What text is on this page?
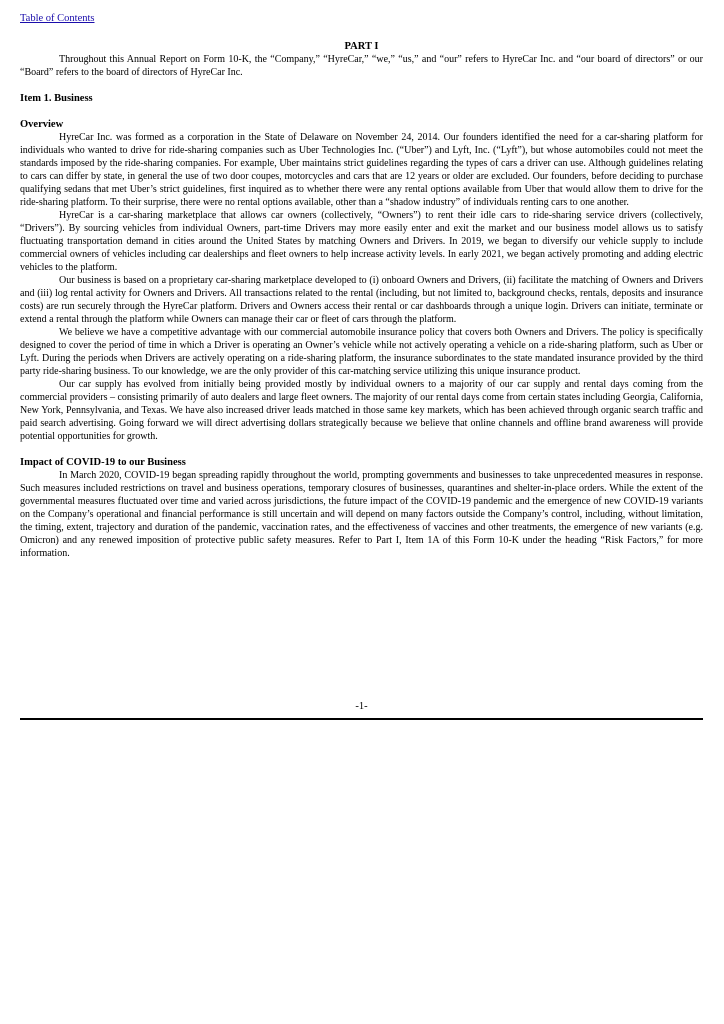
Table of Contents
PART I

Throughout this Annual Report on Form 10-K, the “Company,” “HyreCar,” “we,” “us,” and “our” refers to HyreCar Inc. and “our board of directors” or our “Board” refers to the board of directors of HyreCar Inc.

Item 1. Business
Overview

HyreCar Inc. was formed as a corporation in the State of Delaware on November 24, 2014. Our founders identified the need for a car-sharing platform for individuals who wanted to drive for ride-sharing companies such as Uber Technologies Inc. (“Uber”) and Lyft, Inc. (“Lyft”), but whose automobiles could not meet the standards imposed by the ride-sharing companies. For example, Uber maintains strict guidelines regarding the types of cars a driver can use. Although guidelines relating to cars can differ by state, in general the use of two door coupes, motorcycles and cars that are 12 years or older are excluded. Our founders, before deciding to purchase qualifying sedans that met Uber’s strict guidelines, first inquired as to whether there were any rental options available from Uber that would allow them to drive for the ride-sharing platform. To their surprise, there were no rental options available, other than a “shadow industry” of individuals renting cars to one another.

HyreCar is a car-sharing marketplace that allows car owners (collectively, “Owners”) to rent their idle cars to ride-sharing service drivers (collectively, “Drivers”). By sourcing vehicles from individual Owners, part-time Drivers may more easily enter and exit the market and our business model allows us to satisfy fluctuating transportation demand in cities around the United States by matching Owners and Drivers. In 2019, we began to diversify our vehicle supply to include commercial owners of vehicles including car dealerships and fleet owners to help increase activity levels. In early 2021, we began actively promoting and adding electric vehicles to the platform.

Our business is based on a proprietary car-sharing marketplace developed to (i) onboard Owners and Drivers, (ii) facilitate the matching of Owners and Drivers and (iii) log rental activity for Owners and Drivers. All transactions related to the rental (including, but not limited to, background checks, rentals, deposits and insurance costs) are run securely through the HyreCar platform. Drivers and Owners access their rental or car dashboards through a unique login. Drivers can initiate, terminate or extend a rental through the platform while Owners can manage their car or fleet of cars through the platform.

We believe we have a competitive advantage with our commercial automobile insurance policy that covers both Owners and Drivers. The policy is specifically designed to cover the period of time in which a Driver is operating an Owner’s vehicle while not actively operating a vehicle on a ride-sharing platform, such as Uber or Lyft. During the periods when Drivers are actively operating on a ride-sharing platform, the insurance subordinates to the state mandated insurance provided by the third party ride-sharing business. To our knowledge, we are the only provider of this car-matching service utilizing this unique insurance product.

Our car supply has evolved from initially being provided mostly by individual owners to a majority of our car supply and rental days coming from the commercial providers – consisting primarily of auto dealers and large fleet owners. The majority of our rental days come from certain states including Georgia, California, New York, Pennsylvania, and Texas. We have also increased driver leads matched in those same key markets, which has been achieved through organic search traffic and paid search advertising. Going forward we will direct advertising dollars strategically because we believe that online channels and offline brand awareness will provide potential opportunities for growth.

Impact of COVID-19 to our Business

In March 2020, COVID-19 began spreading rapidly throughout the world, prompting governments and businesses to take unprecedented measures in response. Such measures included restrictions on travel and business operations, temporary closures of businesses, quarantines and shelter-in-place orders. While the extent of the governmental measures fluctuated over time and varied across jurisdictions, the future impact of the COVID-19 pandemic and the emergence of new COVID-19 variants on the Company’s operational and financial performance is still uncertain and will depend on many factors outside the Company’s control, including, without limitation, the timing, extent, trajectory and duration of the pandemic, vaccination rates, and the effectiveness of vaccines and other treatments, the emergence of new variants (e.g. Omicron) and any renewed imposition of protective public safety measures. Refer to Part I, Item 1A of this Form 10-K under the heading “Risk Factors,” for more information.

-1-
